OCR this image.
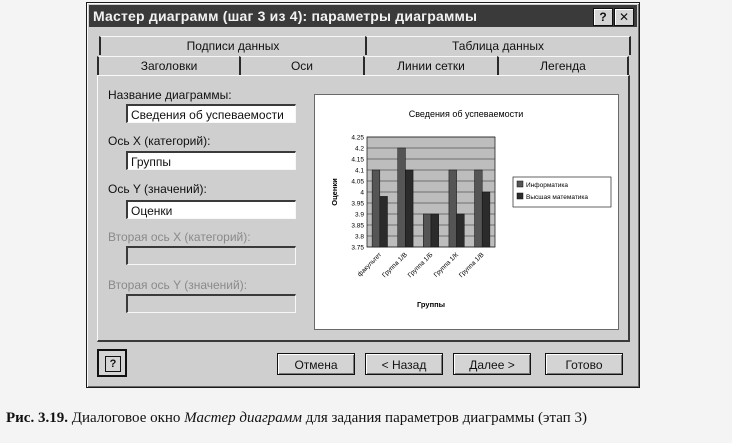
Мастер диаграмм (шаг 3 из 4): параметры диаграммы	?	✕
Подписи данных	Таблица данных
Заголовки	Оси	Линии сетки	Легенда
Название диаграммы:
Сведения об успеваемости
Ось X (категорий):
Группы
Ось Y (значений):
Оценки
Вторая ось X (категорий):
Вторая ось Y (значений):
Сведения об успеваемости
4.25
4.2
4.15
4.1
4.05
4
3.95
3.9
3.85
3.8
3.75
факультет
Группа 1/В
Группа 1/Б
Группа 1/К
Группа 1/В
Группы
Оценки	Информатика
Высшая математика
?	Отмена	< Назад	Далее >	Готово
Рис. 3.19. Диалоговое окно Мастер диаграмм для задания параметров диаграммы (этап 3)
